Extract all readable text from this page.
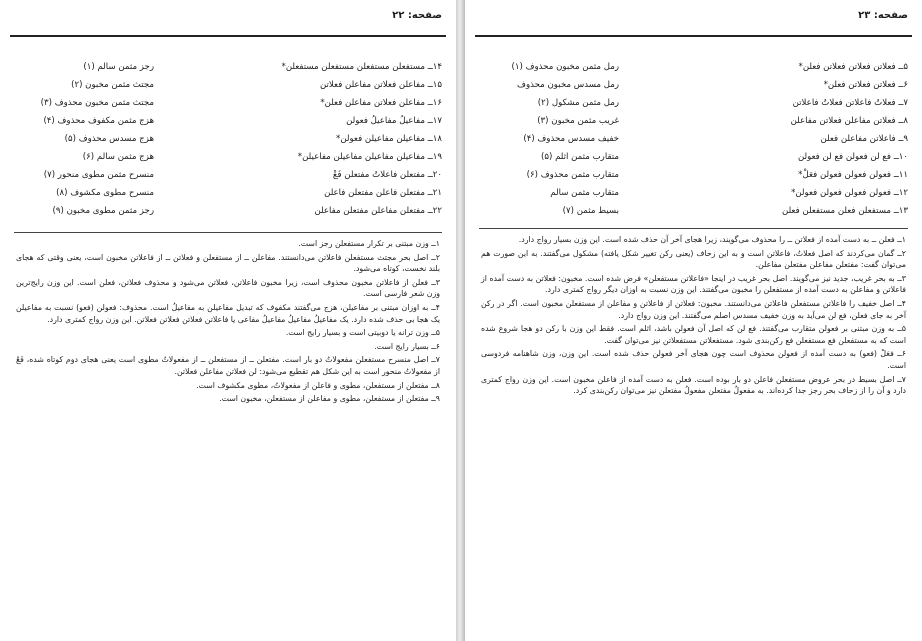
صفحه: ۲۲
۱۴ــ مستفعلن مستفعلن مستفعلن مستفعلن*
رجز مثمن سالم (۱)
۱۵ــ مفاعلن فعلاتن مفاعلن فعلاتن
مجتث مثمن مخبون (۲)
۱۶ــ مفاعلن فعلاتن مفاعلن فعلن*
مجتث مثمن مخبون محذوف (۳)
۱۷ــ مفاعیلُ مفاعیلُ فعولن
هزج مثمن مکفوف محذوف (۴)
۱۸ــ مفاعیلن مفاعیلن فعولن*
هزج مسدس محذوف (۵)
۱۹ــ مفاعیلن مفاعیلن مفاعیلن مفاعیلن*
هزج مثمن سالم (۶)
۲۰ــ مفتعلن فاعلاتُ مفتعلن فَعْ
منسرح مثمن مطوی منحور (۷)
۲۱ــ مفتعلن فاعلن مفتعلن فاعلن
منسرح مطوی مکشوف (۸)
۲۲ــ مفتعلن مفاعلن مفتعلن مفاعلن
رجز مثمن مطوی مخبون (۹)

۱ــ وزن مبتنی بر تکرار مستفعلن رجز است.

۲ــ اصل بحر مجتث مستفعلن فاعلاتن می‌دانستند. مفاعلن ــ از مستفعلن و فعلاتن ــ از فاعلاتن مخبون است، یعنی وقتی که هجای بلند نخست، کوتاه می‌شود.

۳ــ فعلن از فاعلاتن مخبون محذوف است، زیرا مخبون فاعلاتن، فعلاتن می‌شود و محذوف فعلاتن، فعلن است. این وزن رایج‌ترین وزن شعر فارسی است.

۴ــ به اوزان مبتنی بر مفاعیلن، هزج می‌گفتند مکفوف که تبدیل مفاعیلن به مفاعیلُ است. محذوف: فعولن (فعو) نسبت به مفاعیلن یک هجا بی حذف شده دارد. یک مفاعیلُ مفاعیلُ مفاعیلُ مفاعی یا فاعلاتن فعلاتن فعلاتن فعلاتن. این وزن رواج کمتری دارد.

۵ــ وزن ترانه یا دوبیتی است و بسیار رایج است.

۶ــ بسیار رایج است.

۷ــ اصل منسرح مستفعلن مفعولاتُ دو بار است. مفتعلن ــ از مستفعلن ــ از مفعولاتُ مطوی است یعنی هجای دوم کوتاه شده، فَعْ از مفعولاتُ منحور است به این شکل هم تقطیع می‌شود: لن فعلاتن مفاعلن فعلاتن.

۸ــ مفتعلن از مستفعلن، مطوی و فاعلن از مفعولاتُ، مطوی مکشوف است.

۹ــ مفتعلن از مستفعلن، مطوی و مفاعلن از مستفعلن، مخبون است.

صفحه: ۲۳
۵ــ فعلاتن فعلاتن فعلاتن فعلن*
رمل مثمن مخبون محذوف (۱)
۶ــ فعلاتن فعلاتن فعلن*
رمل مسدس مخبون محذوف
۷ــ فعلاتُ فاعلاتن فعلاتُ فاعلاتن
رمل مثمن مشکول (۲)
۸ــ فعلاتن مفاعلن فعلاتن مفاعلن
غریب مثمن مخبون (۳)
۹ــ فاعلاتن مفاعلن فعلن
خفیف مسدس محذوف (۴)
۱۰ــ فع لن فعولن فع لن فعولن
متقارب مثمن اثلم (۵)
۱۱ــ فعولن فعولن فعولن فعَلْ*
متقارب مثمن محذوف (۶)
۱۲ــ فعولن فعولن فعولن فعولن*
متقارب مثمن سالم
۱۳ــ مستفعلن فعلن مستفعلن فعلن
بسیط مثمن (۷)

۱ــ فعلن ــ به دست آمده از فعلاتن ــ را محذوف می‌گویند، زیرا هجای آخر آن حذف شده است. این وزن بسیار رواج دارد.

۲ــ گمان می‌کردند که اصل فعلاتُ، فاعلاتن است و به این زحاف (یعنی رکن تغییر شکل یافته) مشکول می‌گفتند. به این صورت هم می‌توان گفت: مفتعلن مفاعلن مفتعلن مفاعلن.

۳ــ به بحر غریب، جدید نیز می‌گویند. اصل بحر غریب در اینجا «فاعلاتن مستفعلن» فرض شده است. مخبون: فعلاتن به دست آمده از فاعلاتن و مفاعلن به دست آمده از مستفعلن را مخبون می‌گفتند. این وزن نسبت به اوزان دیگر رواج کمتری دارد.

۴ــ اصل خفیف را فاعلاتن مستفعلن فاعلاتن می‌دانستند. مخبون: فعلاتن از فاعلاتن و مفاعلن از مستفعلن مخبون است. اگر در رکن آخر به جای فعلن، فع لن می‌آید به وزن خفیف مسدس اصلم می‌گفتند. این وزن رواج دارد.

۵ــ به وزن مبتنی بر فعولن متقارب می‌گفتند. فع لن که اصل آن فعولن باشد، اثلم است. فقط این وزن با رکن دو هجا شروع شده است که به مستفعلن فع مستفعلن فع رکن‌بندی شود. مستفعلاتن مستفعلاتن نیز می‌توان گفت.

۶ــ فعَلْ (فعو) به دست آمده از فعولن محذوف است چون هجای آخر فعولن حذف شده است. این وزن، وزن شاهنامه فردوسی است.

۷ــ اصل بسیط در بحر عروض مستفعلن فاعلن دو بار بوده است. فعلن به دست آمده از فاعلن مخبون است. این وزن رواج کمتری دارد و آن را از زحاف بحر رجز جدا کرده‌اند. به مفعولُ مفتعلن مفعولُ مفتعلن نیز می‌توان رکن‌بندی کرد.
